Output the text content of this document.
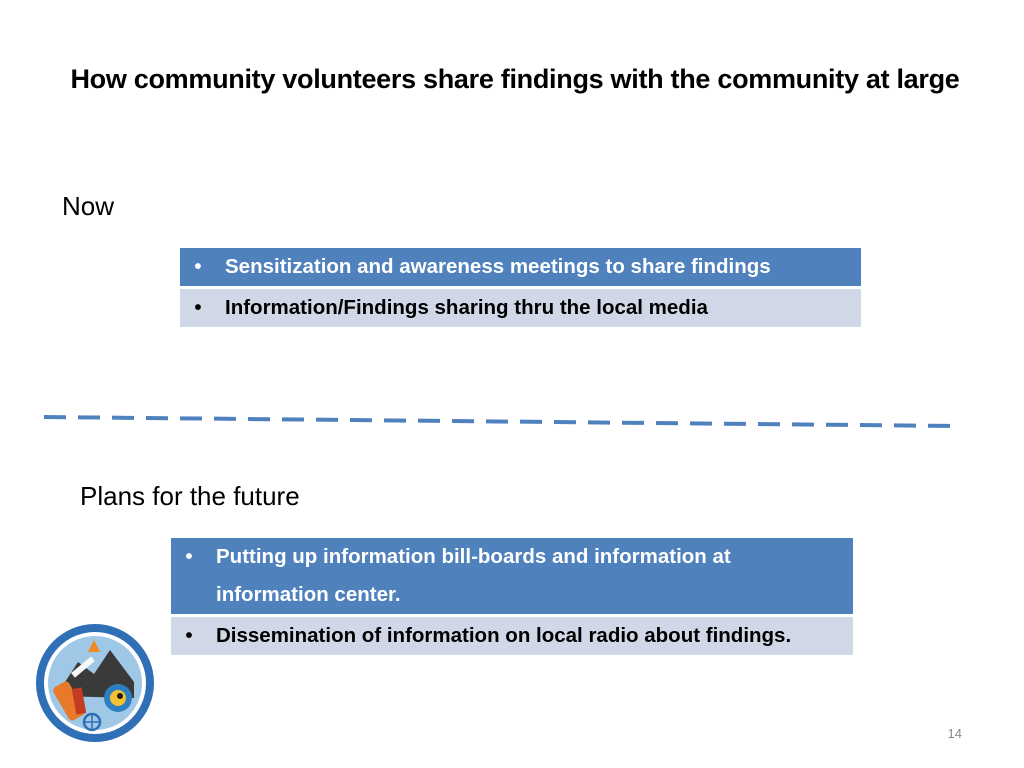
How community volunteers share findings with the community at large
Now
•	Sensitization and awareness meetings to share findings
•	Information/Findings sharing thru the local media
Plans for the future
•	Putting up information bill-boards and information at information center.
•	Dissemination of information on local radio about findings.
14
